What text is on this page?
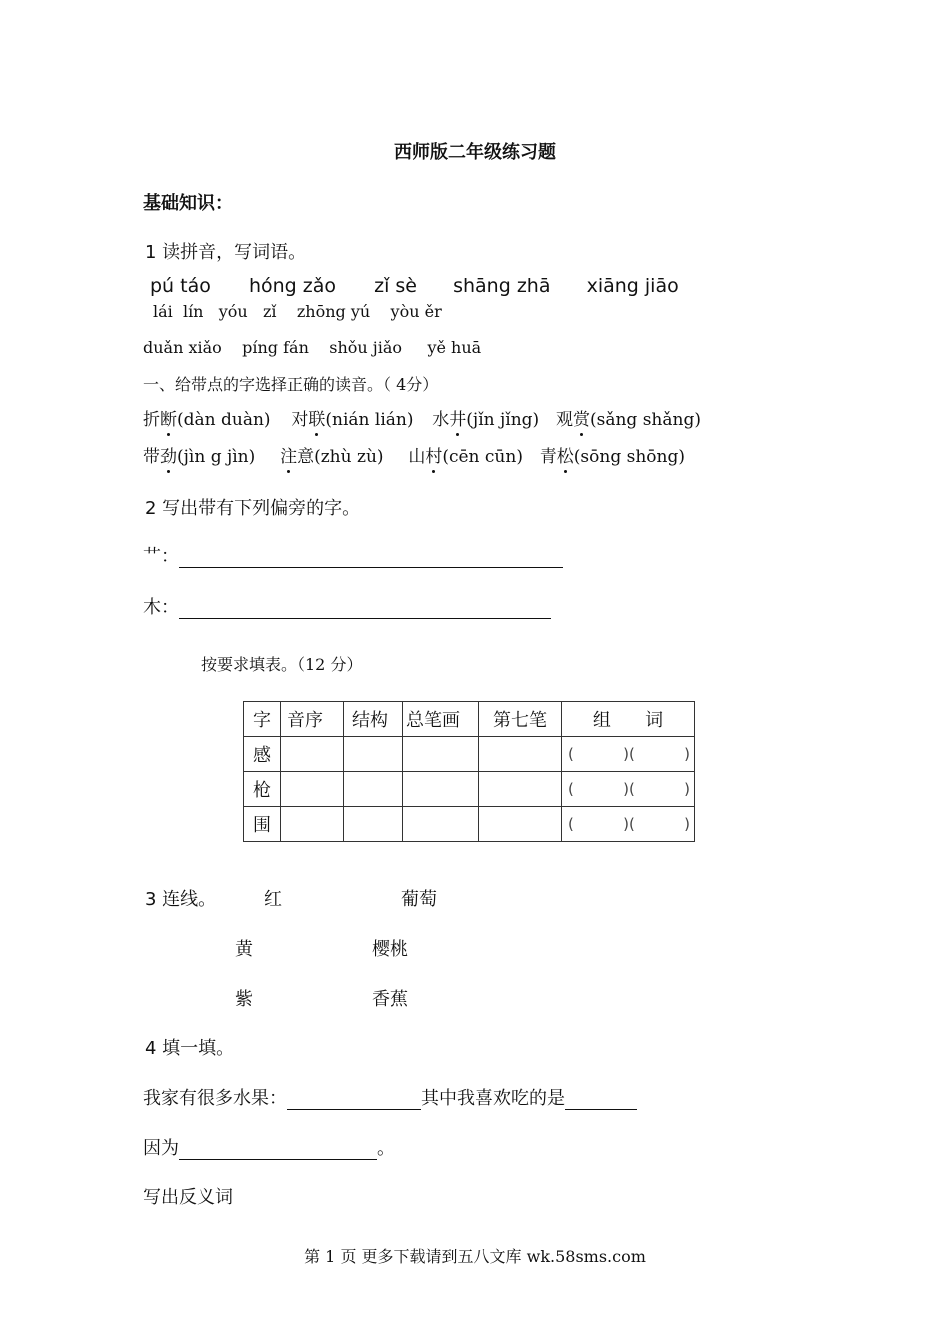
西师版二年级练习题
基础知识：
1 读拼音，写词语。
pú táo hóng zǎo zǐ sè shāng zhā xiāng jiāo
lái  lín   yóu   zǐ    zhōng yú    yòu ěr
duǎn xiǎo    píng fán    shǒu jiǎo     yě huā
一、给带点的字选择正确的读音。（ 4分）
折断(dàn duàn) 对联(nián lián) 水井(jǐn jǐng) 观赏(sǎng shǎng)
带劲(jìn g jìn) 注意(zhù zù) 山村(cēn cūn) 青松(sōng shōng)
2 写出带有下列偏旁的字。
艹：
木：
按要求填表。（12 分）
字	音序	结构	总笔画	第七笔	组      词
感					( )( )

枪					( )( )

围					( )( )
3 连线。	红	葡萄
黄	樱桃
紫	香蕉
4 填一填。
我家有很多水果：	其中我喜欢吃的是
因为	。
写出反义词
第 1 页 更多下载请到五八文库 wk.58sms.com
